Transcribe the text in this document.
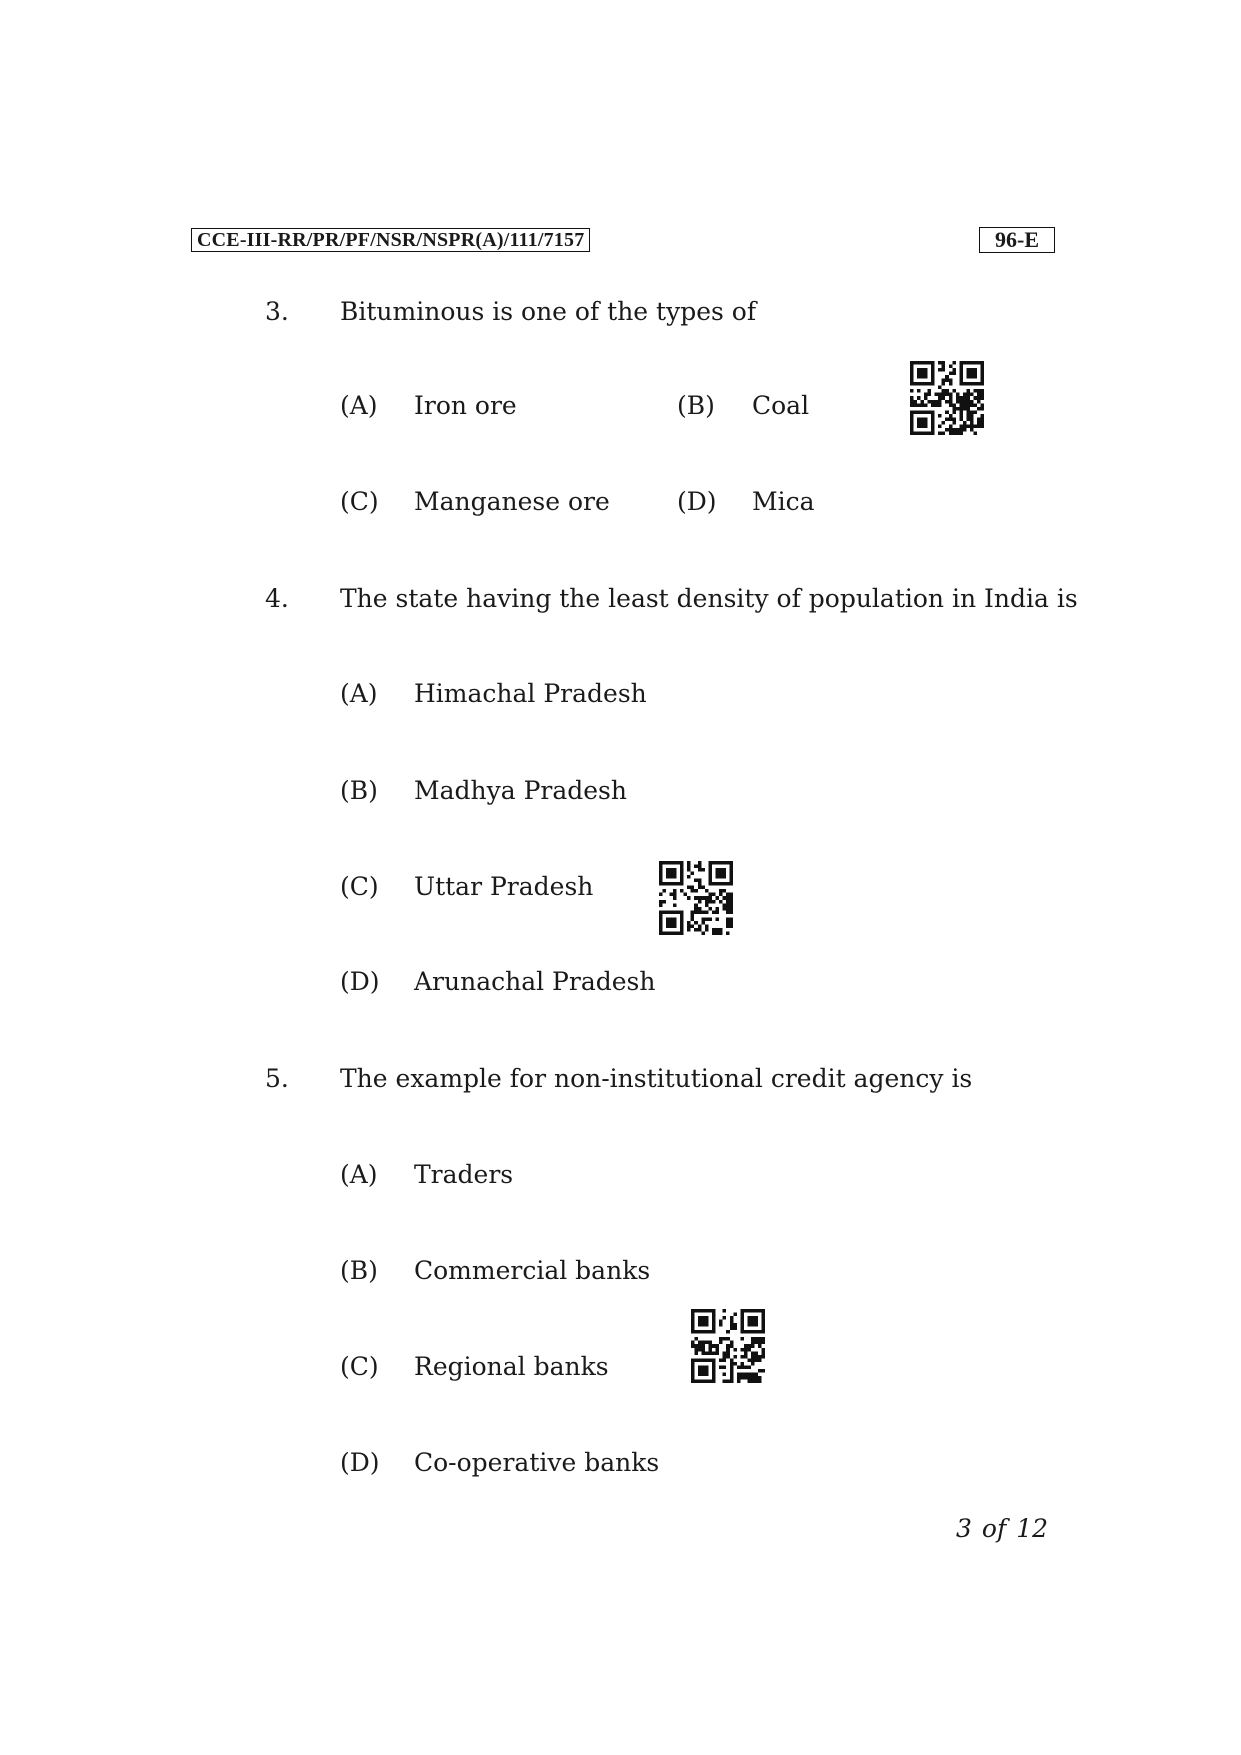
CCE-III-RR/PR/PF/NSR/NSPR(A)/111/7157	96-E
3. Bituminous is one of the types of
(A) Iron ore	(B) Coal
(C) Manganese ore	(D) Mica
4. The state having the least density of population in India is
(A) Himachal Pradesh
(B) Madhya Pradesh
(C) Uttar Pradesh
(D) Arunachal Pradesh
5. The example for non-institutional credit agency is
(A) Traders
(B) Commercial banks
(C) Regional banks
(D) Co-operative banks
3 of 12
